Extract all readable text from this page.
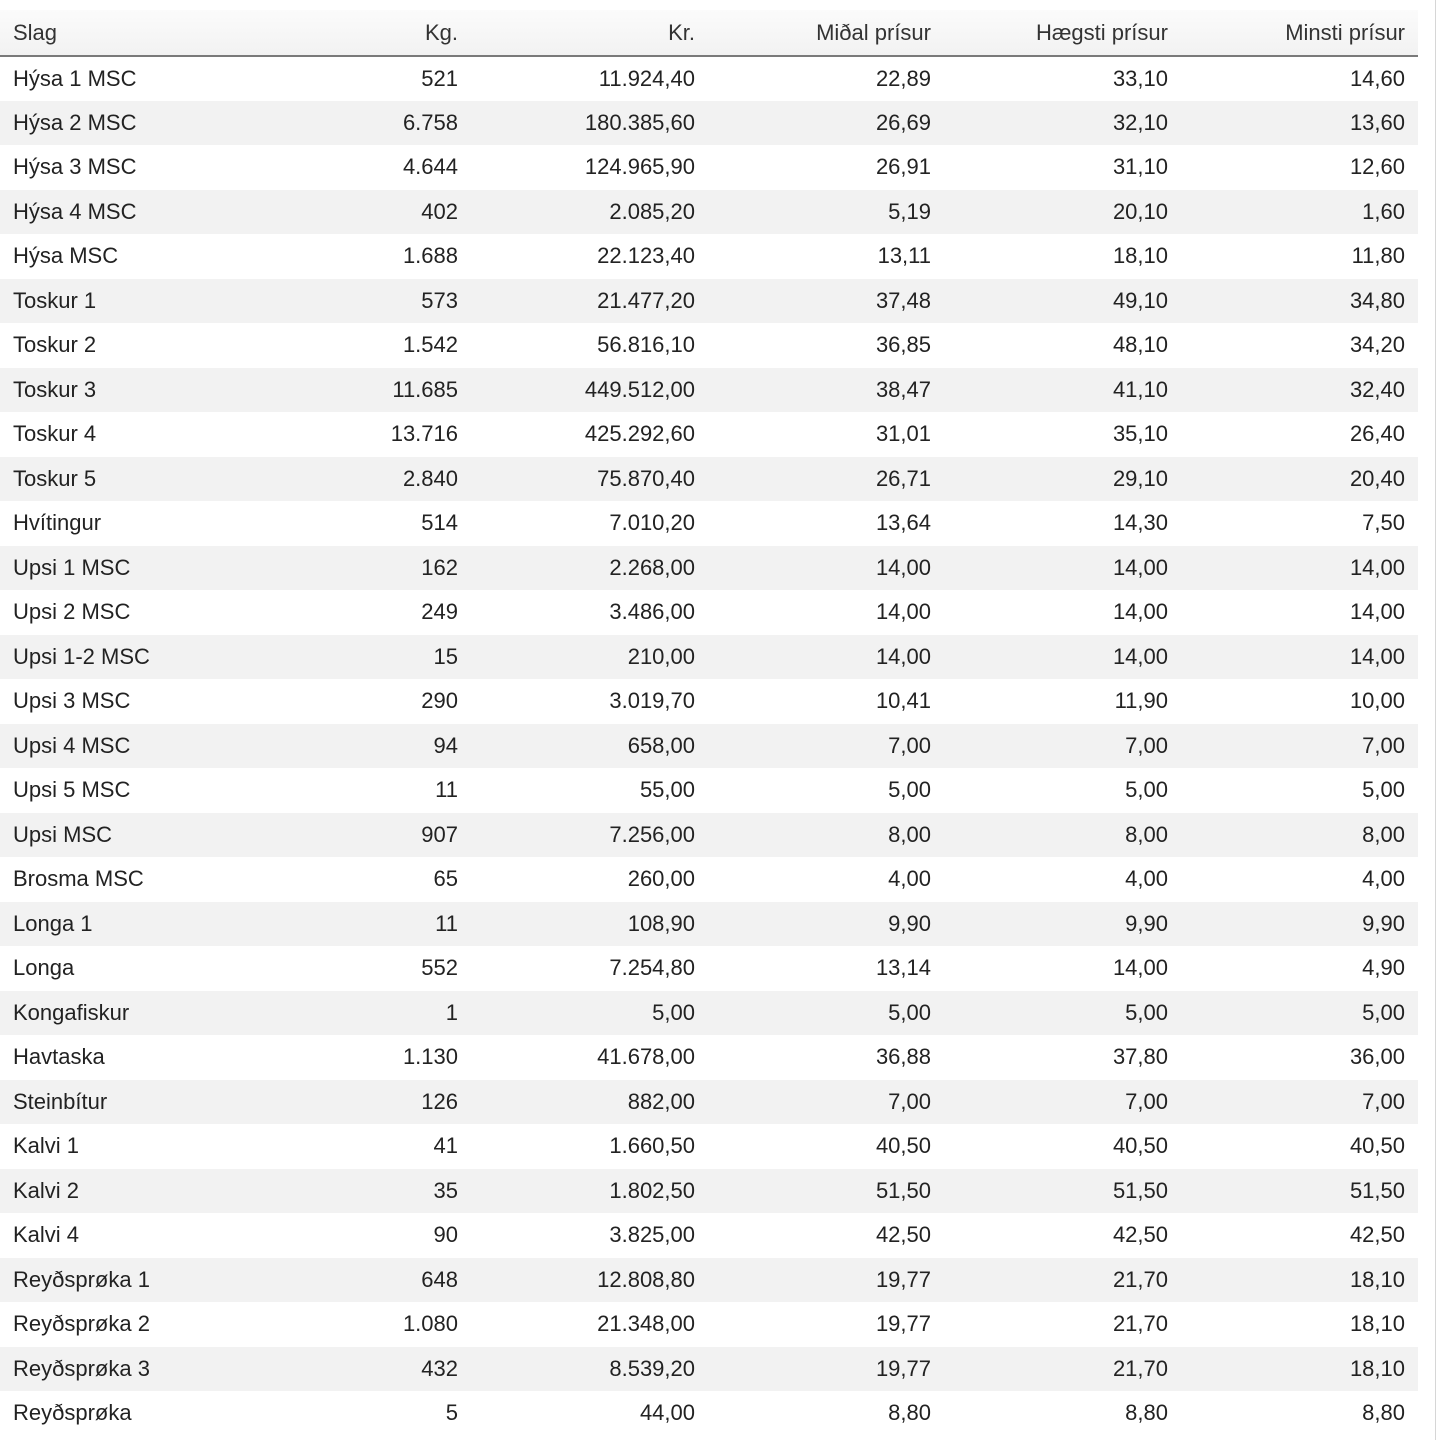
Slag	Kg.	Kr.	Miðal prísur	Hægsti prísur	Minsti prísur
Hýsa 1 MSC	521	11.924,40	22,89	33,10	14,60
Hýsa 2 MSC	6.758	180.385,60	26,69	32,10	13,60
Hýsa 3 MSC	4.644	124.965,90	26,91	31,10	12,60
Hýsa 4 MSC	402	2.085,20	5,19	20,10	1,60
Hýsa MSC	1.688	22.123,40	13,11	18,10	11,80
Toskur 1	573	21.477,20	37,48	49,10	34,80
Toskur 2	1.542	56.816,10	36,85	48,10	34,20
Toskur 3	11.685	449.512,00	38,47	41,10	32,40
Toskur 4	13.716	425.292,60	31,01	35,10	26,40
Toskur 5	2.840	75.870,40	26,71	29,10	20,40
Hvítingur	514	7.010,20	13,64	14,30	7,50
Upsi 1 MSC	162	2.268,00	14,00	14,00	14,00
Upsi 2 MSC	249	3.486,00	14,00	14,00	14,00
Upsi 1-2 MSC	15	210,00	14,00	14,00	14,00
Upsi 3 MSC	290	3.019,70	10,41	11,90	10,00
Upsi 4 MSC	94	658,00	7,00	7,00	7,00
Upsi 5 MSC	11	55,00	5,00	5,00	5,00
Upsi MSC	907	7.256,00	8,00	8,00	8,00
Brosma MSC	65	260,00	4,00	4,00	4,00
Longa 1	11	108,90	9,90	9,90	9,90
Longa	552	7.254,80	13,14	14,00	4,90
Kongafiskur	1	5,00	5,00	5,00	5,00
Havtaska	1.130	41.678,00	36,88	37,80	36,00
Steinbítur	126	882,00	7,00	7,00	7,00
Kalvi 1	41	1.660,50	40,50	40,50	40,50
Kalvi 2	35	1.802,50	51,50	51,50	51,50
Kalvi 4	90	3.825,00	42,50	42,50	42,50
Reyðsprøka 1	648	12.808,80	19,77	21,70	18,10
Reyðsprøka 2	1.080	21.348,00	19,77	21,70	18,10
Reyðsprøka 3	432	8.539,20	19,77	21,70	18,10
Reyðsprøka	5	44,00	8,80	8,80	8,80
